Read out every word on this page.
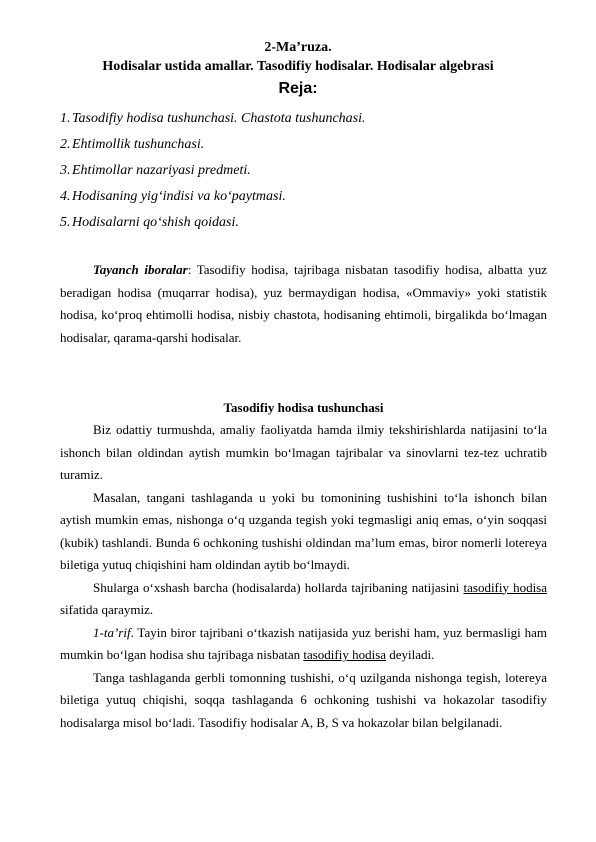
2-Ma’ruza.
Hodisalar ustida amallar. Tasodifiy hodisalar. Hodisalar algebrasi
Reja:
1. Tasodifiy hodisa tushunchasi. Chastota tushunchasi.
2. Ehtimollik tushunchasi.
3. Ehtimollar nazariyasi predmeti.
4. Hodisaning yig‘indisi va ko‘paytmasi.
5. Hodisalarni qo‘shish qoidasi.

Tayanch iboralar: Tasodifiy hodisa, tajribaga nisbatan tasodifiy hodisa, albatta yuz beradigan hodisa (muqarrar hodisa), yuz bermaydigan hodisa, «Ommaviy» yoki statistik hodisa, ko‘proq ehtimolli hodisa, nisbiy chastota, hodisaning ehtimoli, birgalikda bo‘lmagan hodisalar, qarama-qarshi hodisalar.

Tasodifiy hodisa tushunchasi

Biz odattiy turmushda, amaliy faoliyatda hamda ilmiy tekshirishlarda natijasini to‘la ishonch bilan oldindan aytish mumkin bo‘lmagan tajribalar va sinovlarni tez-tez uchratib turamiz.

Masalan, tangani tashlaganda u yoki bu tomonining tushishini to‘la ishonch bilan aytish mumkin emas, nishonga o‘q uzganda tegish yoki tegmasligi aniq emas, o‘yin soqqasi (kubik) tashlandi. Bunda 6 ochkoning tushishi oldindan ma’lum emas, biror nomerli lotereya biletiga yutuq chiqishini ham oldindan aytib bo‘lmaydi.

Shularga o‘xshash barcha (hodisalarda) hollarda tajribaning natijasini tasodifiy hodisa sifatida qaraymiz.

1-ta’rif. Tayin biror tajribani o‘tkazish natijasida yuz berishi ham, yuz bermasligi ham mumkin bo‘lgan hodisa shu tajribaga nisbatan tasodifiy hodisa deyiladi.

Tanga tashlaganda gerbli tomonning tushishi, o‘q uzilganda nishonga tegish, lotereya biletiga yutuq chiqishi, soqqa tashlaganda 6 ochkoning tushishi va hokazolar tasodifiy hodisalarga misol bo‘ladi. Tasodifiy hodisalar A, B, S va hokazolar bilan belgilanadi.
